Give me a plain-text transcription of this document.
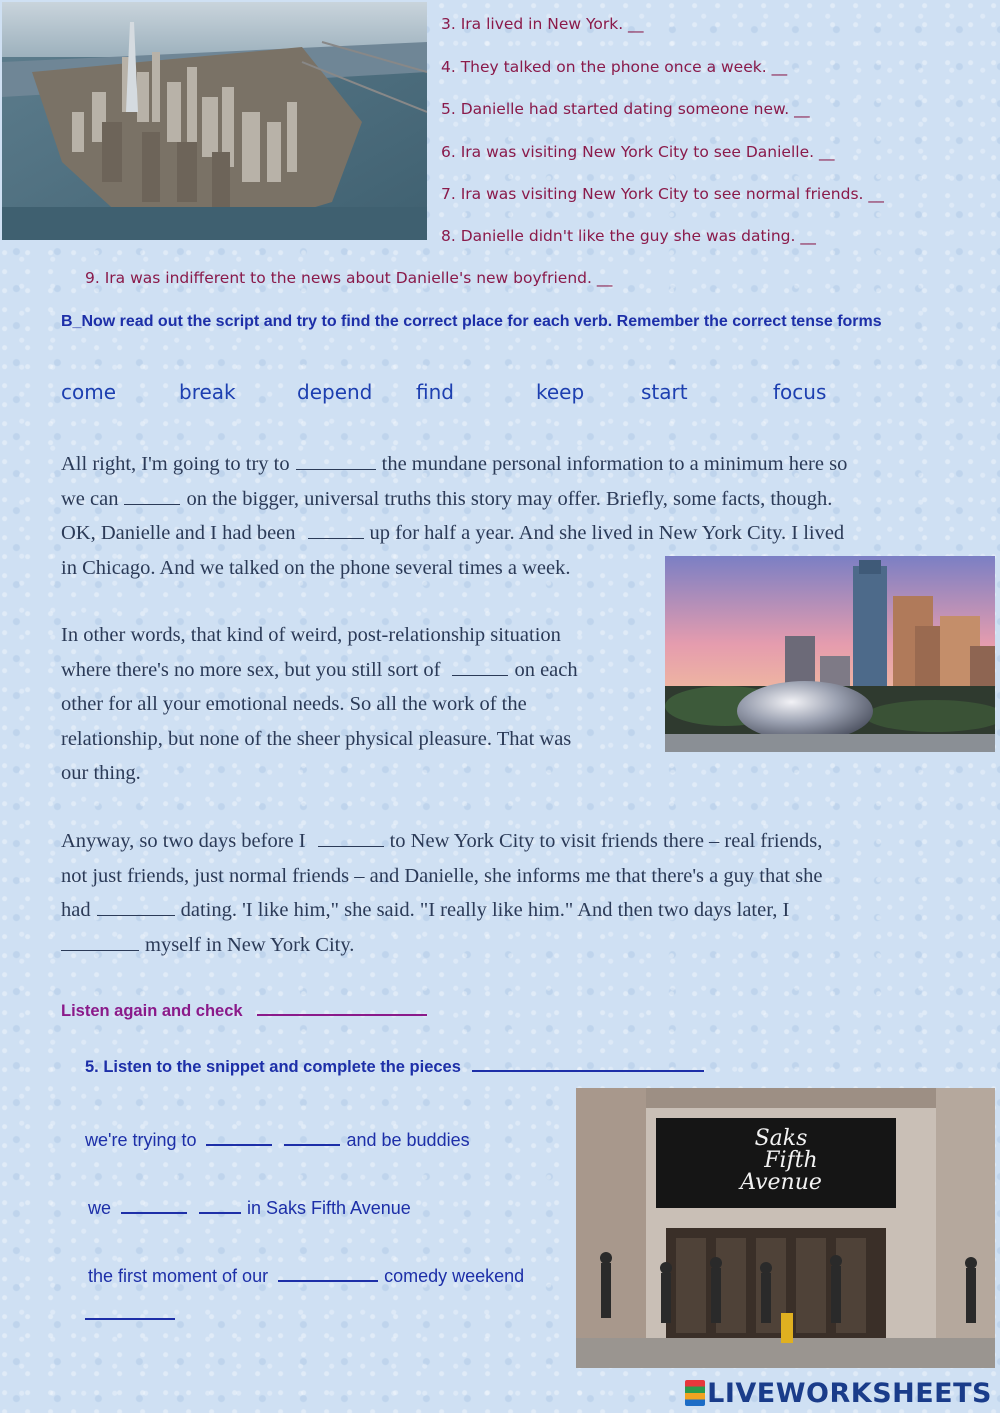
3. Ira lived in New York. __
4. They talked on the phone once a week. __
5. Danielle had started dating someone new. __
6. Ira was visiting New York City to see Danielle. __
7. Ira was visiting New York City to see normal friends. __
8. Danielle didn't like the guy she was dating. __
9. Ira was indifferent to the news about Danielle's new boyfriend. __
B_Now read out the script and try to find the correct place for each verb. Remember the correct tense forms
come	break	depend find	keep	start	focus

All right, I'm going to try to	the mundane personal information to a minimum here so

we can	on the bigger, universal truths this story may offer. Briefly, some facts, though.

OK, Danielle and I had been	up for half a year. And she lived in New York City. I lived

in Chicago. And we talked on the phone several times a week.

In other words, that kind of weird, post-relationship situation

where there's no more sex, but you still sort of	on each

other for all your emotional needs. So all the work of the

relationship, but none of the sheer physical pleasure. That was

our thing.

Anyway, so two days before I	to New York City to visit friends there – real friends,

not just friends, just normal friends – and Danielle, she informs me that there's a guy that she

had	dating. 'I like him," she said. "I really like him." And then two days later, I

myself in New York City.

Listen again and check
5. Listen to the snippet and complete the pieces
we're trying to	and be buddies
we	in Saks Fifth Avenue
the first moment of our	comedy weekend
Saks
Fifth
Avenue
LIVEWORKSHEETS
